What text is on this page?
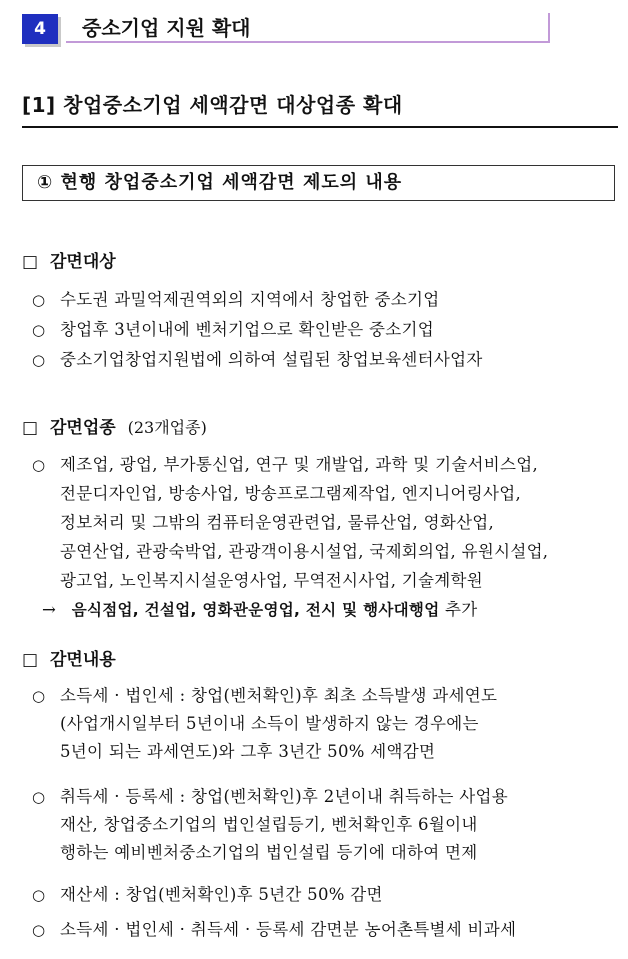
4	중소기업 지원 확대
[1] 창업중소기업 세액감면 대상업종 확대
① 현행 창업중소기업 세액감면 제도의 내용
□ 감면대상
○ 수도권 과밀억제권역외의 지역에서 창업한 중소기업
○ 창업후 3년이내에 벤처기업으로 확인받은 중소기업
○ 중소기업창업지원법에 의하여 설립된 창업보육센터사업자
□ 감면업종 (23개업종)
○ 제조업, 광업, 부가통신업, 연구 및 개발업, 과학 및 기술서비스업,
전문디자인업, 방송사업, 방송프로그램제작업, 엔지니어링사업,
정보처리 및 그밖의 컴퓨터운영관련업, 물류산업, 영화산업,
공연산업, 관광숙박업, 관광객이용시설업, 국제회의업, 유원시설업,
광고업, 노인복지시설운영사업, 무역전시사업, 기술계학원
→ 음식점업, 건설업, 영화관운영업, 전시 및 행사대행업 추가
□ 감면내용
○ 소득세 · 법인세 : 창업(벤처확인)후 최초 소득발생 과세연도
(사업개시일부터 5년이내 소득이 발생하지 않는 경우에는
5년이 되는 과세연도)와 그후 3년간 50% 세액감면
○ 취득세 · 등록세 : 창업(벤처확인)후 2년이내 취득하는 사업용
재산, 창업중소기업의 법인설립등기, 벤처확인후 6월이내
행하는 예비벤처중소기업의 법인설립 등기에 대하여 면제
○ 재산세 : 창업(벤처확인)후 5년간 50% 감면
○ 소득세 · 법인세 · 취득세 · 등록세 감면분 농어촌특별세 비과세
